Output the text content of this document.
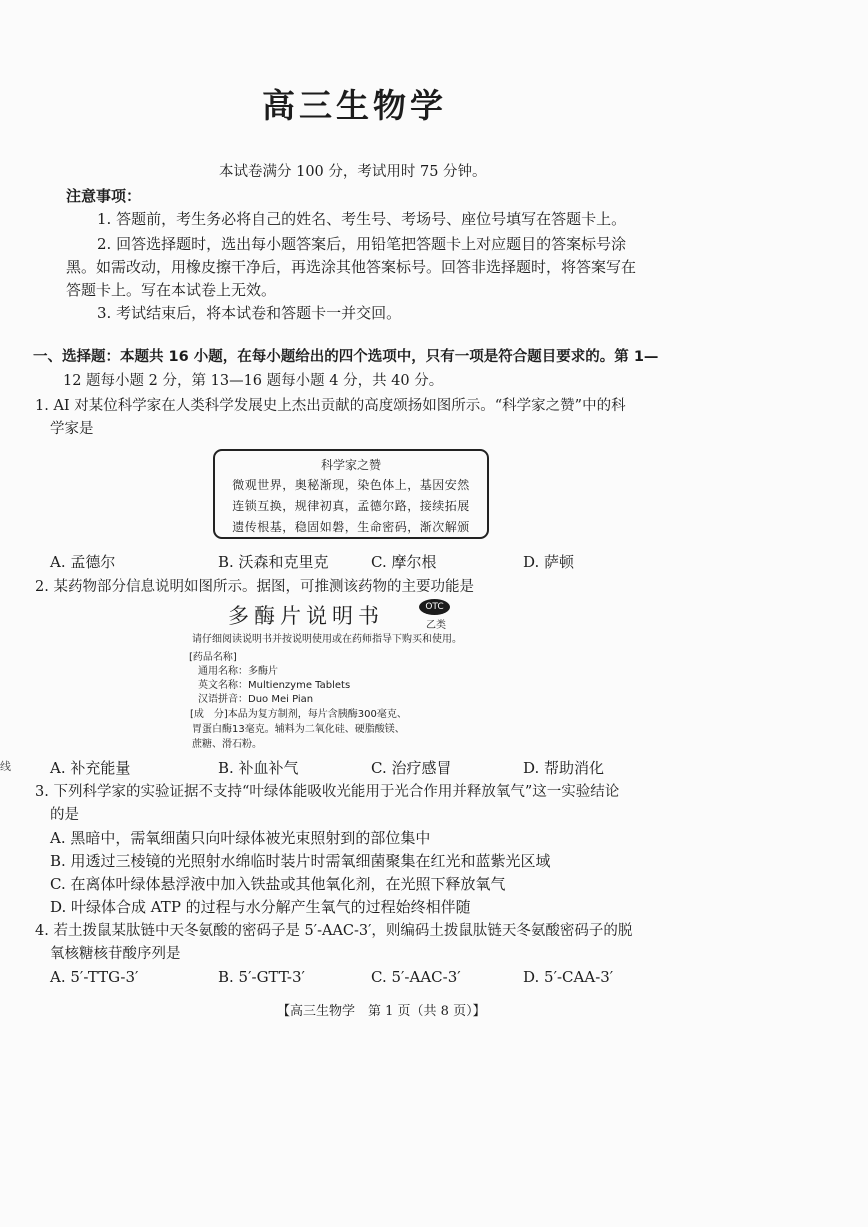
高三生物学
本试卷满分 100 分，考试用时 75 分钟。
注意事项：
1. 答题前，考生务必将自己的姓名、考生号、考场号、座位号填写在答题卡上。
2. 回答选择题时，选出每小题答案后，用铅笔把答题卡上对应题目的答案标号涂
黑。如需改动，用橡皮擦干净后，再选涂其他答案标号。回答非选择题时，将答案写在
答题卡上。写在本试卷上无效。
3. 考试结束后，将本试卷和答题卡一并交回。
一、选择题：本题共 16 小题，在每小题给出的四个选项中，只有一项是符合题目要求的。第 1—
12 题每小题 2 分，第 13—16 题每小题 4 分，共 40 分。
1. AI 对某位科学家在人类科学发展史上杰出贡献的高度颂扬如图所示。“科学家之赞”中的科
学家是
科学家之赞
微观世界，奥秘渐现，染色体上，基因安然
连锁互换，规律初真，孟德尔路，接续拓展
遗传根基，稳固如磐，生命密码，渐次解颁
A. 孟德尔	B. 沃森和克里克	C. 摩尔根	D. 萨顿
2. 某药物部分信息说明如图所示。据图，可推测该药物的主要功能是
多酶片说明书	OTC
乙类
请仔细阅读说明书并按说明使用或在药师指导下购买和使用。
[药品名称]
通用名称：多酶片
英文名称：Multienzyme Tablets
汉语拼音：Duo Mei Pian
[成　分]本品为复方制剂，每片含胰酶300毫克、
胃蛋白酶13毫克。辅料为二氧化硅、硬脂酸镁、
蔗糖、滑石粉。
A. 补充能量	B. 补血补气	C. 治疗感冒	D. 帮助消化
3. 下列科学家的实验证据不支持“叶绿体能吸收光能用于光合作用并释放氧气”这一实验结论
的是
A. 黑暗中，需氧细菌只向叶绿体被光束照射到的部位集中
B. 用透过三棱镜的光照射水绵临时装片时需氧细菌聚集在红光和蓝紫光区域
C. 在离体叶绿体悬浮液中加入铁盐或其他氧化剂，在光照下释放氧气
D. 叶绿体合成 ATP 的过程与水分解产生氧气的过程始终相伴随
4. 若土拨鼠某肽链中天冬氨酸的密码子是 5′-AAC-3′，则编码土拨鼠肽链天冬氨酸密码子的脱
氧核糖核苷酸序列是
A. 5′-TTG-3′	B. 5′-GTT-3′	C. 5′-AAC-3′	D. 5′-CAA-3′
【高三生物学　第 1 页（共 8 页）】
线
